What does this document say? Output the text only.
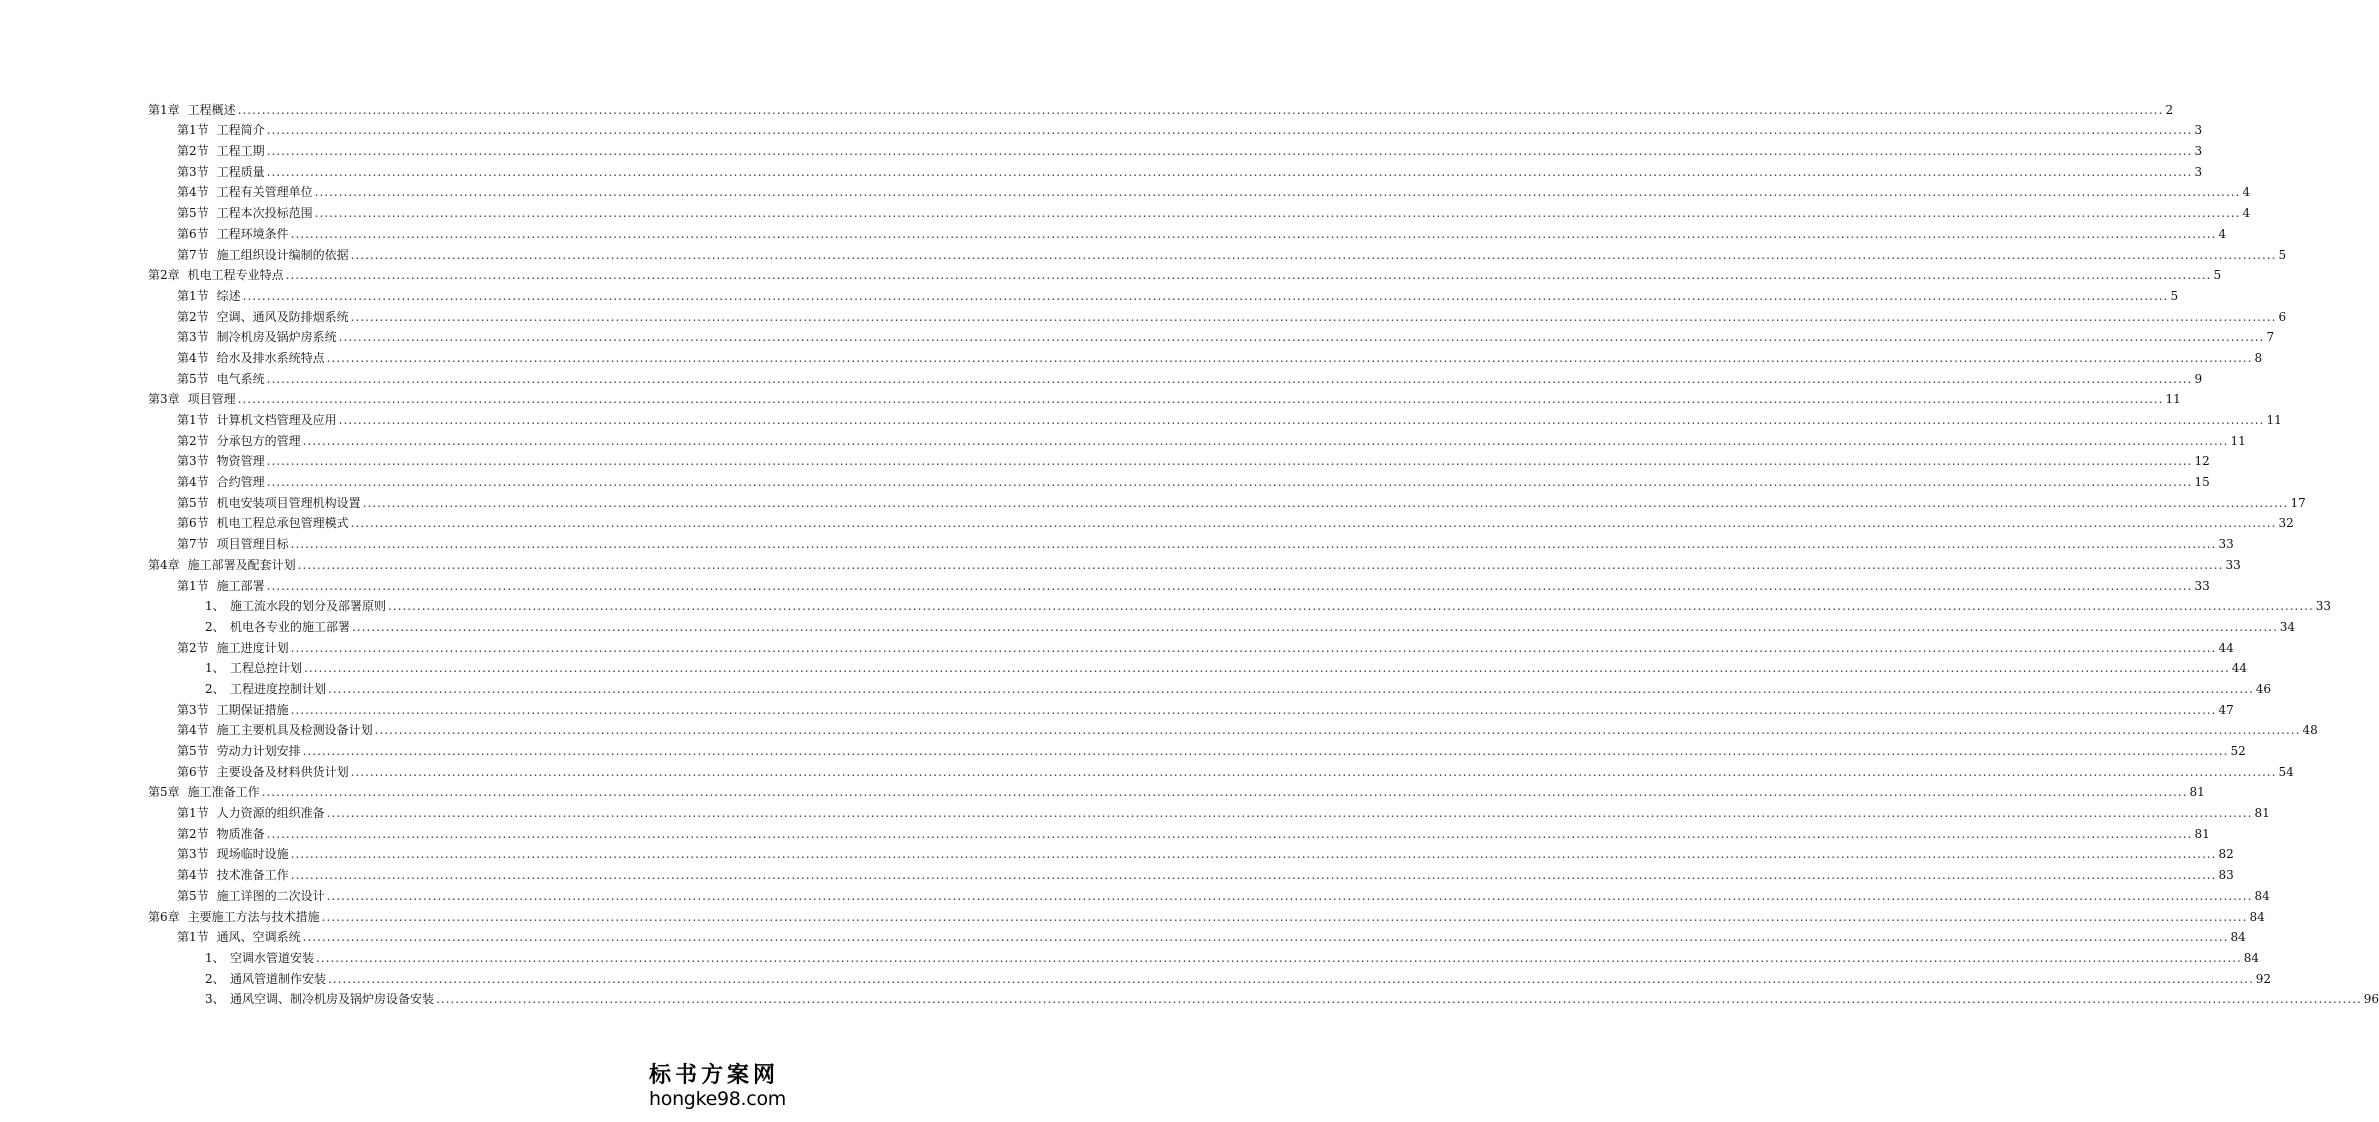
第1章 工程概述 ................................................................................................................................................................................................................................................................................................................................................................................................................ 2
第1节 工程简介 ................................................................................................................................................................................................................................................................................................................................................................................................................ 3
第2节 工程工期 ................................................................................................................................................................................................................................................................................................................................................................................................................ 3
第3节 工程质量 ................................................................................................................................................................................................................................................................................................................................................................................................................ 3
第4节 工程有关管理单位 ................................................................................................................................................................................................................................................................................................................................................................................................................ 4
第5节 工程本次投标范围 ................................................................................................................................................................................................................................................................................................................................................................................................................ 4
第6节 工程环境条件 ................................................................................................................................................................................................................................................................................................................................................................................................................ 4
第7节 施工组织设计编制的依据 ................................................................................................................................................................................................................................................................................................................................................................................................................ 5
第2章 机电工程专业特点 ................................................................................................................................................................................................................................................................................................................................................................................................................ 5
第1节 综述 ................................................................................................................................................................................................................................................................................................................................................................................................................ 5
第2节 空调、通风及防排烟系统 ................................................................................................................................................................................................................................................................................................................................................................................................................ 6
第3节 制冷机房及锅炉房系统 ................................................................................................................................................................................................................................................................................................................................................................................................................ 7
第4节 给水及排水系统特点 ................................................................................................................................................................................................................................................................................................................................................................................................................ 8
第5节 电气系统 ................................................................................................................................................................................................................................................................................................................................................................................................................ 9
第3章 项目管理 ................................................................................................................................................................................................................................................................................................................................................................................................................ 11
第1节 计算机文档管理及应用 ................................................................................................................................................................................................................................................................................................................................................................................................................ 11
第2节 分承包方的管理 ................................................................................................................................................................................................................................................................................................................................................................................................................ 11
第3节 物资管理 ................................................................................................................................................................................................................................................................................................................................................................................................................ 12
第4节 合约管理 ................................................................................................................................................................................................................................................................................................................................................................................................................ 15
第5节 机电安装项目管理机构设置 ................................................................................................................................................................................................................................................................................................................................................................................................................ 17
第6节 机电工程总承包管理模式 ................................................................................................................................................................................................................................................................................................................................................................................................................ 32
第7节 项目管理目标 ................................................................................................................................................................................................................................................................................................................................................................................................................ 33
第4章 施工部署及配套计划 ................................................................................................................................................................................................................................................................................................................................................................................................................ 33
第1节 施工部署 ................................................................................................................................................................................................................................................................................................................................................................................................................ 33
1、 施工流水段的划分及部署原则 ................................................................................................................................................................................................................................................................................................................................................................................................................ 33
2、 机电各专业的施工部署 ................................................................................................................................................................................................................................................................................................................................................................................................................ 34
第2节 施工进度计划 ................................................................................................................................................................................................................................................................................................................................................................................................................ 44
1、 工程总控计划 ................................................................................................................................................................................................................................................................................................................................................................................................................ 44
2、 工程进度控制计划 ................................................................................................................................................................................................................................................................................................................................................................................................................ 46
第3节 工期保证措施 ................................................................................................................................................................................................................................................................................................................................................................................................................ 47
第4节 施工主要机具及检测设备计划 ................................................................................................................................................................................................................................................................................................................................................................................................................ 48
第5节 劳动力计划安排 ................................................................................................................................................................................................................................................................................................................................................................................................................ 52
第6节 主要设备及材料供货计划 ................................................................................................................................................................................................................................................................................................................................................................................................................ 54
第5章 施工准备工作 ................................................................................................................................................................................................................................................................................................................................................................................................................ 81
第1节 人力资源的组织准备 ................................................................................................................................................................................................................................................................................................................................................................................................................ 81
第2节 物质准备 ................................................................................................................................................................................................................................................................................................................................................................................................................ 81
第3节 现场临时设施 ................................................................................................................................................................................................................................................................................................................................................................................................................ 82
第4节 技术准备工作 ................................................................................................................................................................................................................................................................................................................................................................................................................ 83
第5节 施工详图的二次设计 ................................................................................................................................................................................................................................................................................................................................................................................................................ 84
第6章 主要施工方法与技术措施 ................................................................................................................................................................................................................................................................................................................................................................................................................ 84
第1节 通风、空调系统 ................................................................................................................................................................................................................................................................................................................................................................................................................ 84
1、 空调水管道安装 ................................................................................................................................................................................................................................................................................................................................................................................................................ 84
2、 通风管道制作安装 ................................................................................................................................................................................................................................................................................................................................................................................................................ 92
3、 通风空调、制冷机房及锅炉房设备安装 ................................................................................................................................................................................................................................................................................................................................................................................................................ 96
标书方案网
hongke98.com
